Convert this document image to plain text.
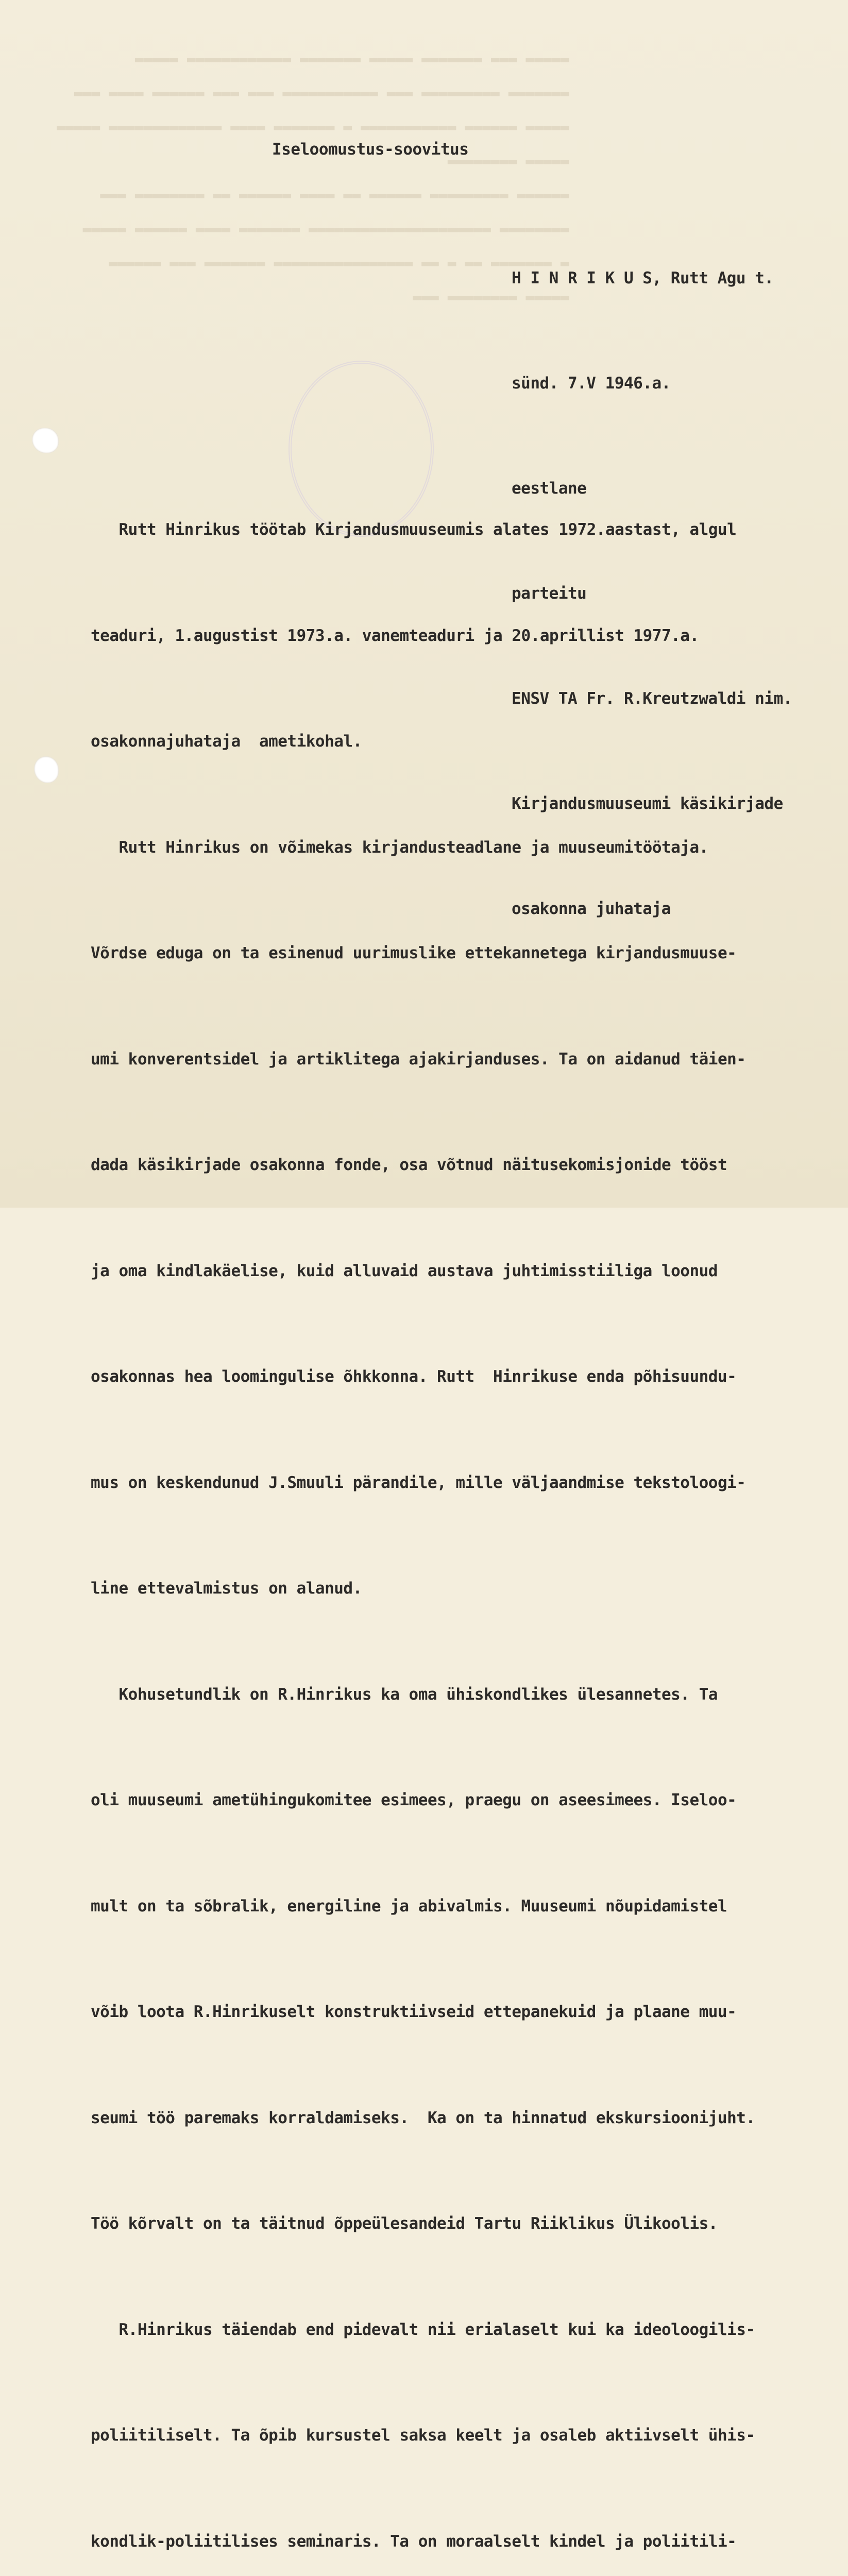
▬▬▬▬▬ ▬▬▬ ▬▬▬▬▬▬▬ ▬▬▬▬▬ ▬▬▬▬▬▬▬ ▬▬▬▬▬▬▬▬▬▬▬▬ ▬▬▬▬▬
▬▬▬▬▬▬▬ ▬▬▬▬▬▬▬▬▬ ▬▬▬ ▬▬▬▬▬▬▬▬▬▬▬ ▬▬▬ ▬▬▬ ▬▬▬▬▬▬ ▬▬▬▬ ▬▬▬
▬▬▬▬▬ ▬▬▬▬▬▬ ▬▬▬▬▬▬▬▬▬▬▬ ▬ ▬▬▬▬▬▬▬ ▬▬▬▬ ▬▬▬▬▬▬▬▬▬▬▬▬▬ ▬▬▬▬▬
▬▬▬▬▬ ▬▬▬▬▬▬▬▬
▬▬▬▬▬▬ ▬▬▬▬▬▬▬▬▬ ▬▬▬▬▬▬ ▬▬ ▬▬▬▬ ▬▬▬▬▬▬ ▬▬ ▬▬▬▬▬▬▬▬ ▬▬▬
▬▬▬▬▬▬▬▬ ▬▬▬▬▬▬▬▬▬▬▬▬▬▬▬▬▬▬▬▬▬ ▬▬▬▬▬▬▬ ▬▬▬▬ ▬▬▬▬▬▬ ▬▬▬▬▬
▬ ▬▬▬▬▬▬▬ ▬▬ ▬ ▬▬ ▬▬▬▬▬▬▬▬▬▬▬▬▬▬▬▬ ▬▬▬▬▬▬▬ ▬▬▬ ▬▬▬▬▬▬
▬▬▬▬▬ ▬▬▬▬▬▬▬▬ ▬▬▬
Iseloomustus-soovitus

H I N R I K U S, Rutt Agu t.

sünd. 7.V 1946.a.

eestlane

parteitu

ENSV TA Fr. R.Kreutzwaldi nim.

Kirjandusmuuseumi käsikirjade

osakonna juhataja

Rutt Hinrikus töötab Kirjandusmuuseumis alates 1972.aastast, algul

teaduri, 1.augustist 1973.a. vanemteaduri ja 20.aprillist 1977.a.

osakonnajuhataja  ametikohal.

Rutt Hinrikus on võimekas kirjandusteadlane ja muuseumitöötaja.

Võrdse eduga on ta esinenud uurimuslike ettekannetega kirjandusmuuse-

umi konverentsidel ja artiklitega ajakirjanduses. Ta on aidanud täien-

dada käsikirjade osakonna fonde, osa võtnud näitusekomisjonide tööst

ja oma kindlakäelise, kuid alluvaid austava juhtimisstiiliga loonud

osakonnas hea loomingulise õhkkonna. Rutt  Hinrikuse enda põhisuundu-

mus on keskendunud J.Smuuli pärandile, mille väljaandmise tekstoloogi-

line ettevalmistus on alanud.

Kohusetundlik on R.Hinrikus ka oma ühiskondlikes ülesannetes. Ta

oli muuseumi ametühingukomitee esimees, praegu on aseesimees. Iseloo-

mult on ta sõbralik, energiline ja abivalmis. Muuseumi nõupidamistel

võib loota R.Hinrikuselt konstruktiivseid ettepanekuid ja plaane muu-

seumi töö paremaks korraldamiseks.  Ka on ta hinnatud ekskursioonijuht.

Töö kõrvalt on ta täitnud õppeülesandeid Tartu Riiklikus Ülikoolis.

R.Hinrikus täiendab end pidevalt nii erialaselt kui ka ideoloogilis-

poliitiliselt. Ta õpib kursustel saksa keelt ja osaleb aktiivselt ühis-

kondlik-poliitilises seminaris. Ta on moraalselt kindel ja poliitili-
